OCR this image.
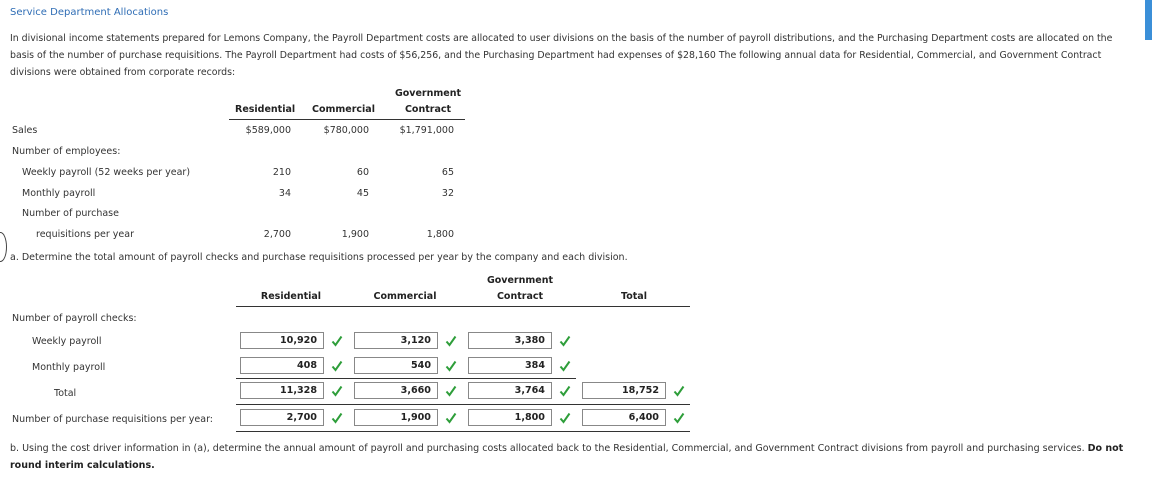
Service Department Allocations
In divisional income statements prepared for Lemons Company, the Payroll Department costs are allocated to user divisions on the basis of the number of payroll distributions, and the Purchasing Department costs are allocated on the basis of the number of purchase requisitions. The Payroll Department had costs of $56,256, and the Purchasing Department had expenses of $28,160 The following annual data for Residential, Commercial, and Government Contract divisions were obtained from corporate records:
Government
Residential Commercial	Contract
Sales	$589,000	$780,000	$1,791,000
Number of employees:
Weekly payroll (52 weeks per year)	210	60	65
Monthly payroll	34	45	32
Number of purchase
requisitions per year	2,700	1,900	1,800
a. Determine the total amount of payroll checks and purchase requisitions processed per year by the company and each division.
Government
Residential	Commercial	Contract	Total
Number of payroll checks:
Weekly payroll	10,920	3,120	3,380
Monthly payroll	408	540	384
Total	11,328	3,660	3,764	18,752
Number of purchase requisitions per year:	2,700	1,900	1,800	6,400
b. Using the cost driver information in (a), determine the annual amount of payroll and purchasing costs allocated back to the Residential, Commercial, and Government Contract divisions from payroll and purchasing services. Do not round interim calculations.
